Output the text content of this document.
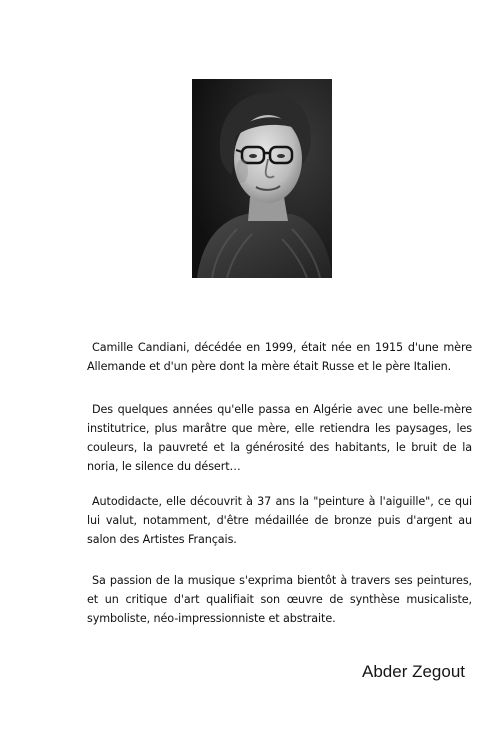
Camille Candiani, décédée en 1999, était née en 1915 d'une mère Allemande et d'un père dont la mère était Russe et le père Italien.

Des quelques années qu'elle passa en Algérie avec une belle-mère institutrice, plus marâtre que mère, elle retiendra les paysages, les couleurs, la pauvreté et la générosité des habitants, le bruit de la noria, le silence du désert…

Autodidacte, elle découvrit à 37 ans la "peinture à l'aiguille", ce qui lui valut, notamment, d'être médaillée de bronze puis d'argent au salon des Artistes Français.

Sa passion de la musique s'exprima bientôt à travers ses peintures, et un critique d'art qualifiait son œuvre de synthèse musicaliste, symboliste, néo-impressionniste et abstraite.

Abder Zegout
